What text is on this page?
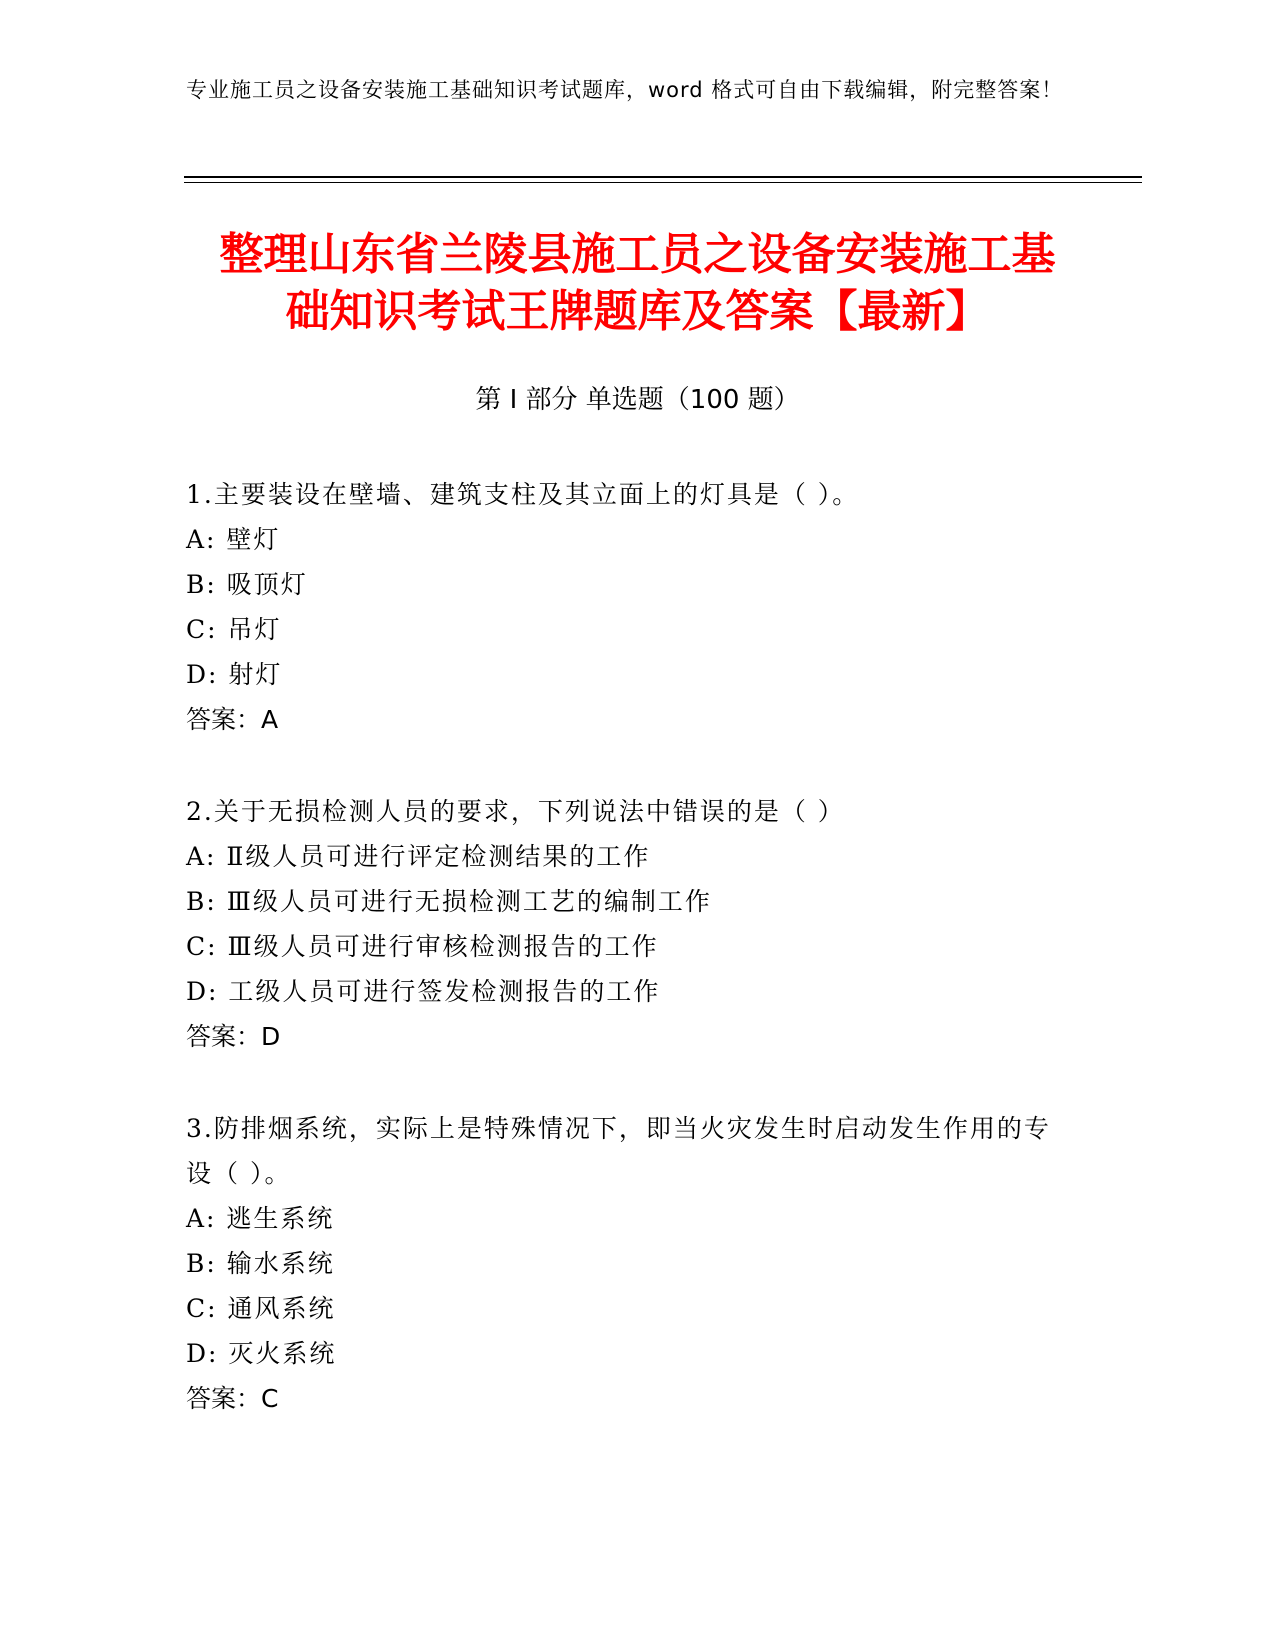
专业施工员之设备安装施工基础知识考试题库，word 格式可自由下载编辑，附完整答案！
整理山东省兰陵县施工员之设备安装施工基
础知识考试王牌题库及答案【最新】
第 I 部分 单选题（100 题）
1.主要装设在壁墙、建筑支柱及其立面上的灯具是（ ）。
A: 壁灯
B: 吸顶灯
C: 吊灯
D: 射灯
答案：A
2.关于无损检测人员的要求，下列说法中错误的是（ ）
A: Ⅱ级人员可进行评定检测结果的工作
B: Ⅲ级人员可进行无损检测工艺的编制工作
C: Ⅲ级人员可进行审核检测报告的工作
D: 工级人员可进行签发检测报告的工作
答案：D
3.防排烟系统，实际上是特殊情况下，即当火灾发生时启动发生作用的专设（ ）。
A: 逃生系统
B: 输水系统
C: 通风系统
D: 灭火系统
答案：C
